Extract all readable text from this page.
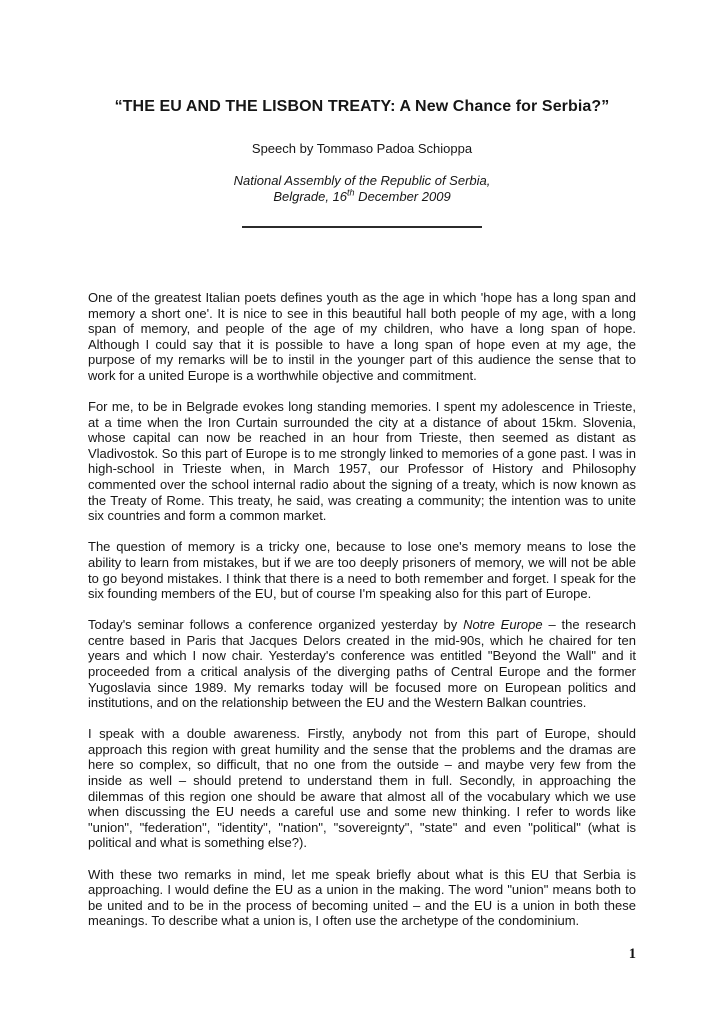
“THE EU AND THE LISBON TREATY: A New Chance for Serbia?”
Speech by Tommaso Padoa Schioppa
National Assembly of the Republic of Serbia,
Belgrade, 16th December 2009

One of the greatest Italian poets defines youth as the age in which 'hope has a long span and memory a short one'. It is nice to see in this beautiful hall both people of my age, with a long span of memory, and people of the age of my children, who have a long span of hope. Although I could say that it is possible to have a long span of hope even at my age, the purpose of my remarks will be to instil in the younger part of this audience the sense that to work for a united Europe is a worthwhile objective and commitment.

For me, to be in Belgrade evokes long standing memories. I spent my adolescence in Trieste, at a time when the Iron Curtain surrounded the city at a distance of about 15km. Slovenia, whose capital can now be reached in an hour from Trieste, then seemed as distant as Vladivostok. So this part of Europe is to me strongly linked to memories of a gone past. I was in high-school in Trieste when, in March 1957, our Professor of History and Philosophy commented over the school internal radio about the signing of a treaty, which is now known as the Treaty of Rome. This treaty, he said, was creating a community; the intention was to unite six countries and form a common market.

The question of memory is a tricky one, because to lose one's memory means to lose the ability to learn from mistakes, but if we are too deeply prisoners of memory, we will not be able to go beyond mistakes. I think that there is a need to both remember and forget. I speak for the six founding members of the EU, but of course I'm speaking also for this part of Europe.

Today's seminar follows a conference organized yesterday by Notre Europe – the research centre based in Paris that Jacques Delors created in the mid-90s, which he chaired for ten years and which I now chair. Yesterday's conference was entitled "Beyond the Wall" and it proceeded from a critical analysis of the diverging paths of Central Europe and the former Yugoslavia since 1989. My remarks today will be focused more on European politics and institutions, and on the relationship between the EU and the Western Balkan countries.

I speak with a double awareness. Firstly, anybody not from this part of Europe, should approach this region with great humility and the sense that the problems and the dramas are here so complex, so difficult, that no one from the outside – and maybe very few from the inside as well – should pretend to understand them in full. Secondly, in approaching the dilemmas of this region one should be aware that almost all of the vocabulary which we use when discussing the EU needs a careful use and some new thinking. I refer to words like "union", "federation", "identity", "nation", "sovereignty", "state" and even "political" (what is political and what is something else?).

With these two remarks in mind, let me speak briefly about what is this EU that Serbia is approaching. I would define the EU as a union in the making. The word "union" means both to be united and to be in the process of becoming united – and the EU is a union in both these meanings. To describe what a union is, I often use the archetype of the condominium.

1
